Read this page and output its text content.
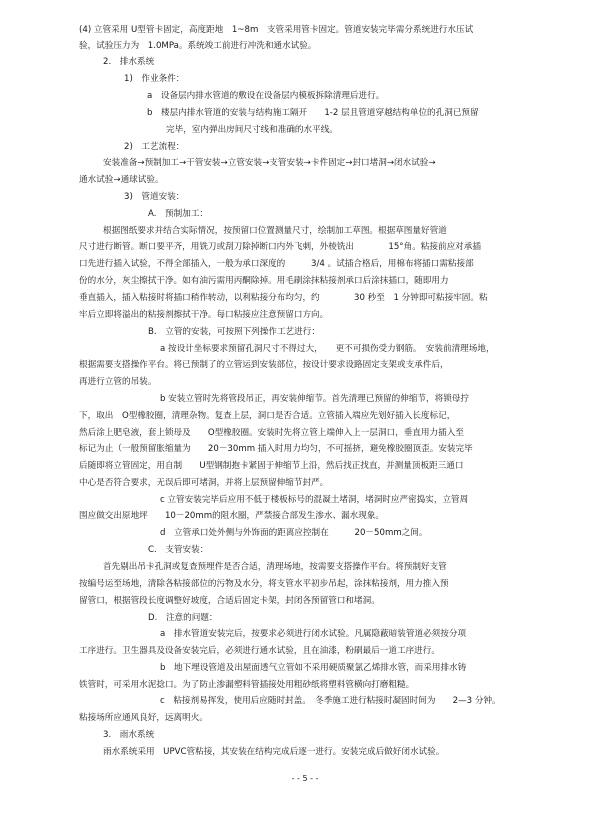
(4) 立管采用 U型管卡固定，高度距地　1~8m　支管采用管卡固定。管道安装完毕需分系统进行水压试
验，试验压力为　1.0MPa。系统竣工前进行冲洗和通水试验。
2.　排水系统
1)　作业条件：
a　设备层内排水管道的敷设在设备层内模板拆除清理后进行。
b　楼层内排水管道的安装与结构施工隔开　　1-2 层且管道穿越结构单位的孔洞已预留
完毕，室内弹出房间尺寸线和准确的水平线。
2)　工艺流程：
安装准备→预制加工→干管安装→立管安装→支管安装→卡件固定→封口堵洞→闭水试验→
通水试验→通球试验。
3)　管道安装：
A.　预制加工：
根据图纸要求并结合实际情况，按预留口位置测量尺寸，绘制加工草图。根据草图量好管道
尺寸进行断管。断口要平齐，用铣刀或刮刀除掉断口内外飞刺，外棱铣出　　　　15°角。粘接前应对承插
口先进行插入试验，不得全部插入，一般为承口深度的　　　3/4 。试插合格后，用棉布将插口需粘接部
份的水分，灰尘擦拭干净。如有油污需用丙酮除掉。用毛刷涂抹粘接剂承口后涂抹插口，随即用力
垂直插入，插入粘接时将插口稍作转动，以利粘接分布均匀，约　　　　30 秒至　1 分钟即可粘接牢固。粘
牢后立即将溢出的粘接剂擦拭干净。每口粘接应注意预留口方向。
B.　立管的安装，可按照下列操作工艺进行：
a 按设计坐标要求预留孔洞尺寸不得过大，　　更不可损伤受力钢筋。　安装前清理场地，
根据需要支搭操作平台。将已预制了的立管运到安装部位，按设计要求设路固定支架或支承件后，
再进行立管的吊装。
b 安装立管时先将管段吊正，再安装伸缩节。首先清理已预留的伸缩节，将锁母拧
下，取出　O型橡胶圈，清理杂物。复查上层，洞口是否合适。立管插入端应先划好插入长度标记，
然后涂上肥皂液，套上锁母及　　O型橡胶圈。安装时先将立管上端伸入上一层洞口，垂直用力插入至
标记为止（一般预留胀缩量为　　20－30mm 插入时用力均匀，不可摇挤，避免橡胶圈顶歪。安装完毕
后随即将立管固定，用自制　　U型钢制抱卡紧固于伸缩节上沿，然后找正找直，并测量顶板距三通口
中心是否符合要求，无误后即可堵洞，并将上层预留伸缩节封严。
c 立管安装完毕后应用不低于楼板标号的混凝土堵洞，堵洞时应严密捣实，立管周
围应做交出原地坪　　10－20mm的阻水圈，严禁接合部发生渗水、漏水现象。
d　立管承口处外侧与外饰面的距离应控制在　　　20－50mm之间。
C.　支管安装：
首先剔出吊卡孔洞或复查预埋件是否合适，清理场地，按需要支搭操作平台。将预制好支管
按编号运至场地，清除各粘接部位的污物及水分，将支管水平初步吊起，涂抹粘接剂，用力推入预
留管口，根据管段长度调整好坡度，合适后固定卡架，封闭各预留管口和堵洞。
D.　注意的问题：
a　排水管道安装完后，按要求必须进行闭水试验。凡属隐蔽暗装管道必须按分项
工序进行。卫生器具及设备安装完后，必须进行通水试验，且在油漆，粉刷最后一道工序进行。
b　地下埋设管道及出屋面透气立管如不采用硬质聚氯乙烯排水管，而采用排水铸
铁管时，可采用水泥捻口。为了防止渗漏塑料管插接处用粗砂纸将塑料管横向打磨粗糙。
c　粘接剂易挥发，使用后应随时封盖。　冬季施工进行粘接时凝固时间为　　2—3 分钟。
粘接场所应通风良好，远离明火。
3.　雨水系统
雨水系统采用　UPVC管粘接，其安装在结构完成后逐一进行。安装完成后做好闭水试验。
- - 5 - -
